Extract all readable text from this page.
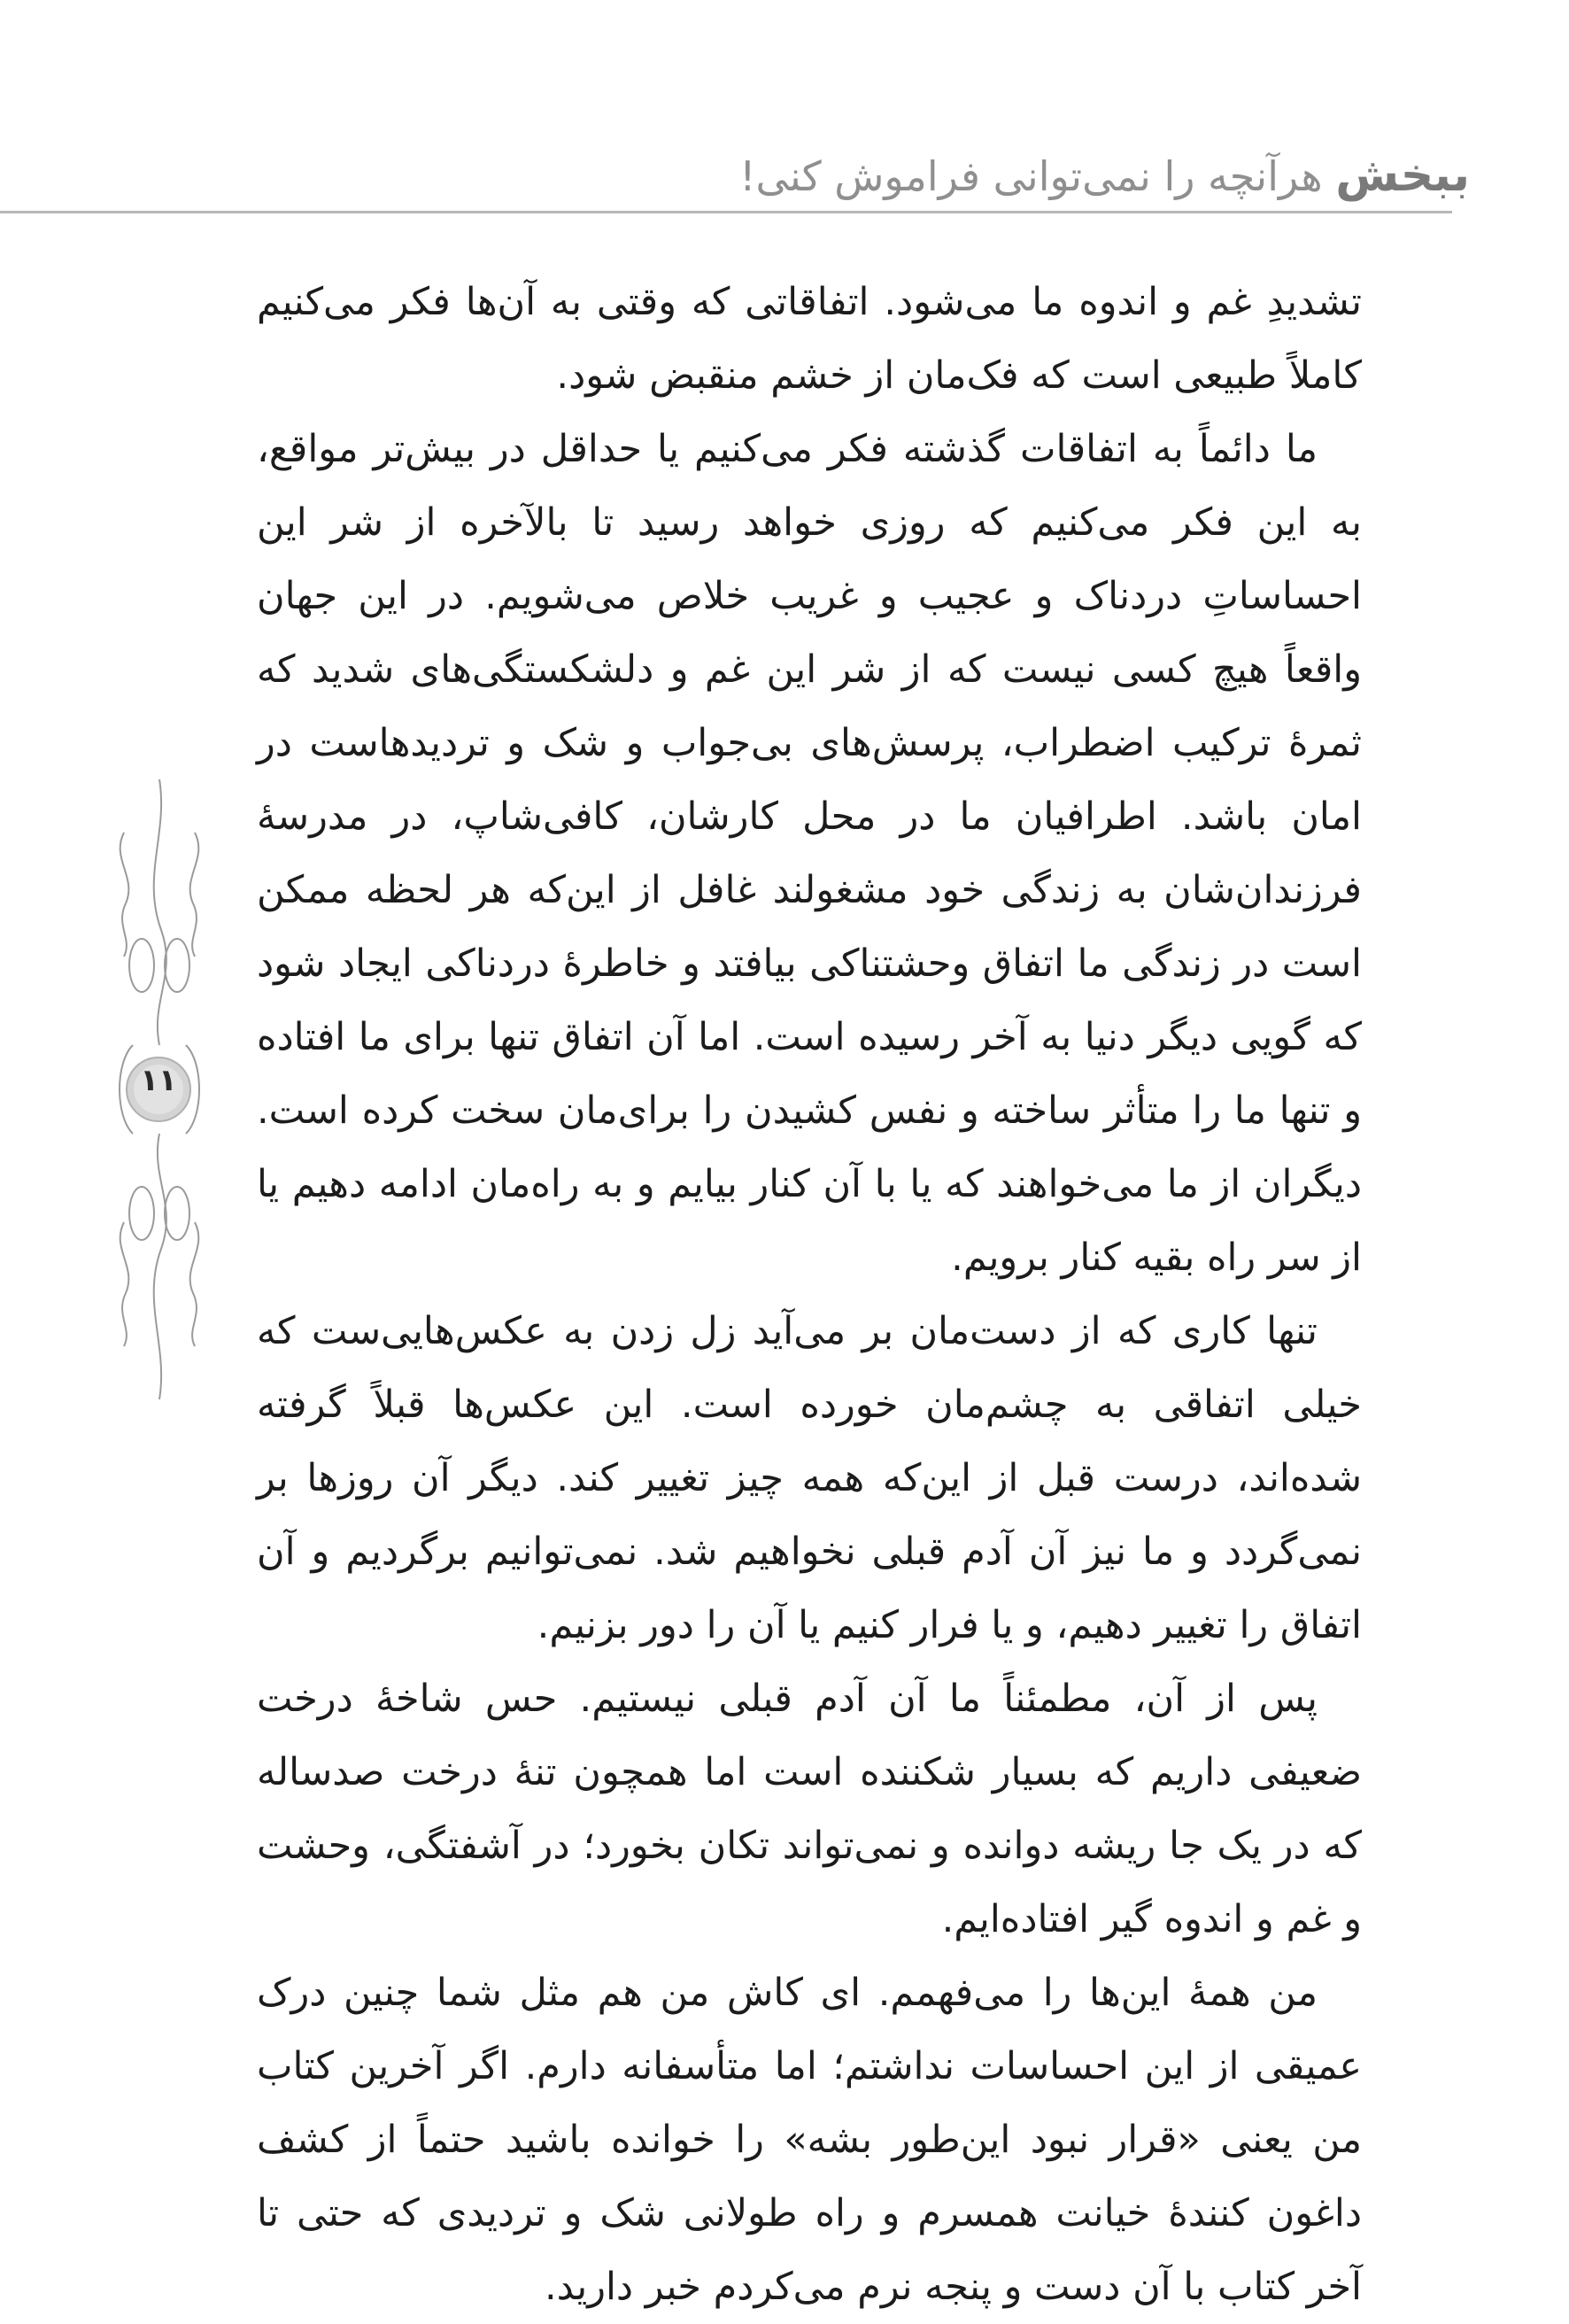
ببخش هرآنچه را نمی‌توانی فراموش کنی!
۱۱

تشدیدِ غم و اندوه ما می‌شود. اتفاقاتی که وقتی به آن‌ها فکر می‌کنیم کاملاً طبیعی است که فک‌مان از خشم منقبض شود.

ما دائماً به اتفاقات گذشته فکر می‌کنیم یا حداقل در بیش‌تر مواقع، به این فکر می‌کنیم که روزی خواهد رسید تا بالآخره از شر این احساساتِ دردناک و عجیب و غریب خلاص می‌شویم. در این جهان واقعاً هیچ کسی نیست که از شر این غم و دلشکستگی‌های شدید که ثمرهٔ ترکیب اضطراب، پرسش‌های بی‌جواب و شک و تردیدهاست در امان باشد. اطرافیان ما در محل کارشان، کافی‌شاپ، در مدرسهٔ فرزندان‌شان به زندگی خود مشغولند غافل از این‌که هر لحظه ممکن است در زندگی ما اتفاق وحشتناکی بیافتد و خاطرهٔ دردناکی ایجاد شود که گویی دیگر دنیا به آخر رسیده است. اما آن اتفاق تنها برای ما افتاده و تنها ما را متأثر ساخته و نفس کشیدن را برای‌مان سخت کرده است. دیگران از ما می‌خواهند که یا با آن کنار بیایم و به راه‌مان ادامه دهیم یا از سر راه بقیه کنار برویم.

تنها کاری که از دست‌مان بر می‌آید زل زدن به عکس‌هایی‌ست که خیلی اتفاقی به چشم‌مان خورده است. این عکس‌ها قبلاً گرفته شده‌اند، درست قبل از این‌که همه چیز تغییر کند. دیگر آن روزها بر نمی‌گردد و ما نیز آن آدم قبلی نخواهیم شد. نمی‌توانیم برگردیم و آن اتفاق را تغییر دهیم، و یا فرار کنیم یا آن را دور بزنیم.

پس از آن، مطمئناً ما آن آدم قبلی نیستیم. حس شاخهٔ درخت ضعیفی داریم که بسیار شکننده است اما همچون تنهٔ درخت صدساله که در یک جا ریشه دوانده و نمی‌تواند تکان بخورد؛ در آشفتگی، وحشت و غم و اندوه گیر افتاده‌ایم.

من همهٔ این‌ها را می‌فهمم. ای کاش من هم مثل شما چنین درک عمیقی از این احساسات نداشتم؛ اما متأسفانه دارم. اگر آخرین کتاب من یعنی «قرار نبود این‌طور بشه» را خوانده باشید حتماً از کشف داغون کنندهٔ خیانت همسرم و راه طولانی شک و تردیدی که حتی تا آخر کتاب با آن دست و پنجه نرم می‌کردم خبر دارید.
